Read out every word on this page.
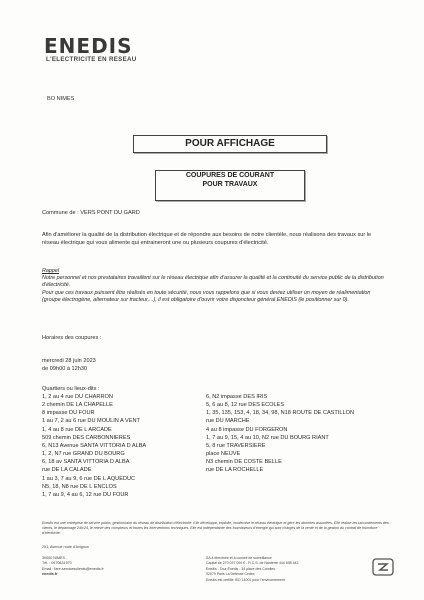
ENEDIS
L'ELECTRICITE EN RESEAU
BO NIMES
POUR AFFICHAGE
COUPURES DE COURANT
POUR TRAVAUX
Commune de : VERS PONT DU GARD
Afin d'améliorer la qualité de la distribution électrique et de répondre aux besoins de notre clientèle, nous réalisons des travaux sur le réseau électrique qui vous alimente qui entraineront une ou plusieurs coupures d'électricité.
Rappel
Notre personnel et nos prestataires travaillent sur le réseau électrique afin d'assurer la qualité et la continuité du service public de la distribution d'électricité.
Pour que ces travaux puissent être réalisés en toute sécurité, nous vous rappelons que si vous deviez utiliser un moyen de réalimentation (groupe électrogène, alternateur sur tracteur,...), il est obligatoire d'ouvrir votre disjoncteur général ENEDIS (le positionner sur 0).
Horaires des coupures :
mercredi 28 juin 2023
de 09h00 à 12h30
Quartiers ou lieux-dits :
1, 2 au 4 rue DU CHARRON
2 chemin DE LA CHAPELLE
8 impasse DU FOUR
1 au 7, 2 au 6 rue DU MOULIN A VENT
1, 4 au 8 rue DE L ARCADE
509 chemin DES CARBONNIERES
6, N13 Avenue SANTA VITTORIA D ALBA
1, 2, N7 rue GRAND DU BOURG
6, 18 av SANTA VITTORIA D ALBA
rue DE LA CALADE
1 au 3, 7 au 9, 6 rue DE L AQUEDUC
N5, 18, N8 rue DE L ENCLOS
1, 7 au 9, 4 au 6, 12 rue DU FOUR
6, N2 impasse DES IRIS
5, 6 au 8, 12 rue DES ECOLES
1, 35, 135, 153, 4, 18, 34, 98, N18 ROUTE DE CASTILLON
rue DU MARCHE
4 au 8 impasse DU FORGERON
1, 7 au 9, 15, 4 au 10, N2 rue DU BOURG RIANT
5, 8 rue TRAVERSIERE
place NEUVE
N3 chemin DE COSTE BELLE
rue DE LA ROCHELLE
Enedis est une entreprise de service public, gestionnaire du réseau de distribution d'électricité. Elle développe, exploite, modernise le réseau électrique et gère les données associées. Elle réalise les raccordements des clients, le dépannage 24h/24, le relevé des compteurs et toutes les interventions techniques. Elle est indépendante des fournisseurs d'énergie qui sont chargés de la vente et de la gestion du contrat de fourniture d'électricité.
251, Avenue route d'Avignon

30000 NIMES
Tél. : 0970831970
Email : fare-servicesclients@enedis.fr
enedis.fr
SA à directoire et à conseil de surveillance
Capital de 270 037 000 € - R.C.S. de Nanterre 444 608 442
Enedis - Tour Enedis - 34 place des Corolles
92079 Paris La Défense Cedex
Enedis est certifié ISO 14001 pour l'environnement
